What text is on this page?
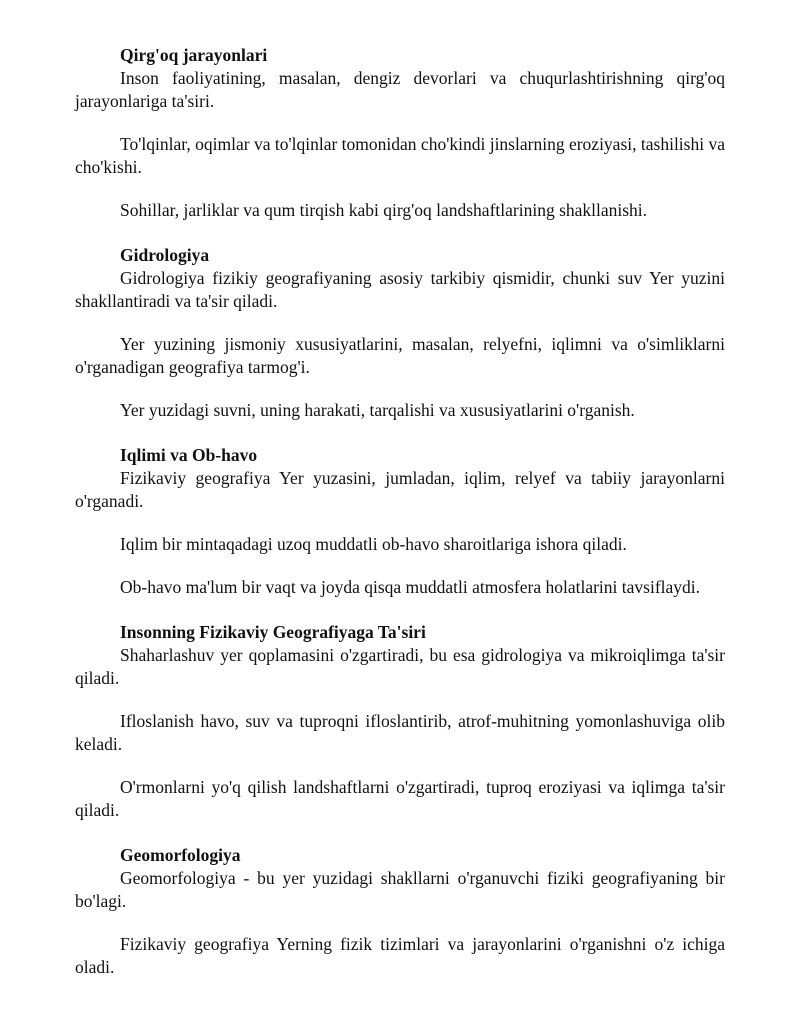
Qirg'oq jarayonlari

Inson faoliyatining, masalan, dengiz devorlari va chuqurlashtirishning qirg'oq jarayonlariga ta'siri.

To'lqinlar, oqimlar va to'lqinlar tomonidan cho'kindi jinslarning eroziyasi, tashilishi va cho'kishi.

Sohillar, jarliklar va qum tirqish kabi qirg'oq landshaftlarining shakllanishi.

Gidrologiya

Gidrologiya fizikiy geografiyaning asosiy tarkibiy qismidir, chunki suv Yer yuzini shakllantiradi va ta'sir qiladi.

Yer yuzining jismoniy xususiyatlarini, masalan, relyefni, iqlimni va o'simliklarni o'rganadigan geografiya tarmog'i.

Yer yuzidagi suvni, uning harakati, tarqalishi va xususiyatlarini o'rganish.

Iqlimi va Ob-havo

Fizikaviy geografiya Yer yuzasini, jumladan, iqlim, relyef va tabiiy jarayonlarni o'rganadi.

Iqlim bir mintaqadagi uzoq muddatli ob-havo sharoitlariga ishora qiladi.

Ob-havo ma'lum bir vaqt va joyda qisqa muddatli atmosfera holatlarini tavsiflaydi.

Insonning Fizikaviy Geografiyaga Ta'siri

Shaharlashuv yer qoplamasini o'zgartiradi, bu esa gidrologiya va mikroiqlimga ta'sir qiladi.

Ifloslanish havo, suv va tuproqni ifloslantirib, atrof-muhitning yomonlashuviga olib keladi.

O'rmonlarni yo'q qilish landshaftlarni o'zgartiradi, tuproq eroziyasi va iqlimga ta'sir qiladi.

Geomorfologiya

Geomorfologiya - bu yer yuzidagi shakllarni o'rganuvchi fiziki geografiyaning bir bo'lagi.

Fizikaviy geografiya Yerning fizik tizimlari va jarayonlarini o'rganishni o'z ichiga oladi.
